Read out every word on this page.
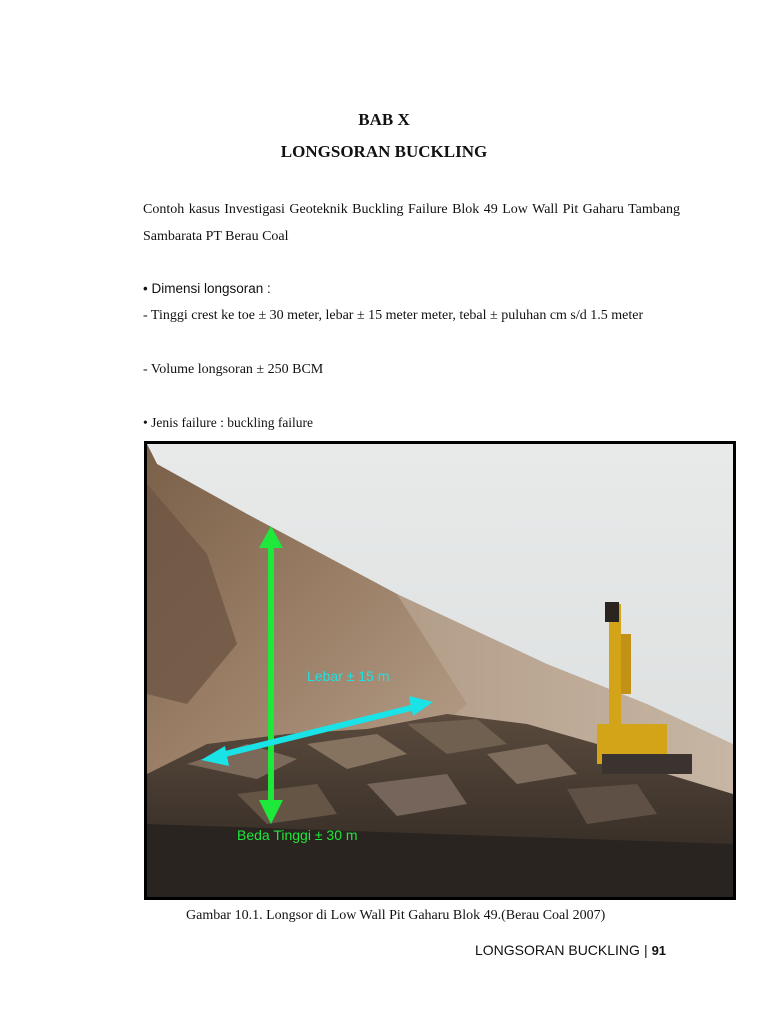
BAB X
LONGSORAN BUCKLING
Contoh kasus Investigasi Geoteknik Buckling Failure Blok 49 Low Wall Pit Gaharu Tambang Sambarata PT Berau Coal
• Dimensi longsoran :
- Tinggi crest ke toe ± 30 meter, lebar ± 15 meter meter, tebal ± puluhan cm s/d 1.5 meter
- Volume longsoran ± 250 BCM
• Jenis failure : buckling failure
Lebar ± 15 m
Beda Tinggi ± 30 m
Gambar 10.1. Longsor di Low Wall Pit Gaharu Blok 49.(Berau Coal 2007)
LONGSORAN BUCKLING | 91
